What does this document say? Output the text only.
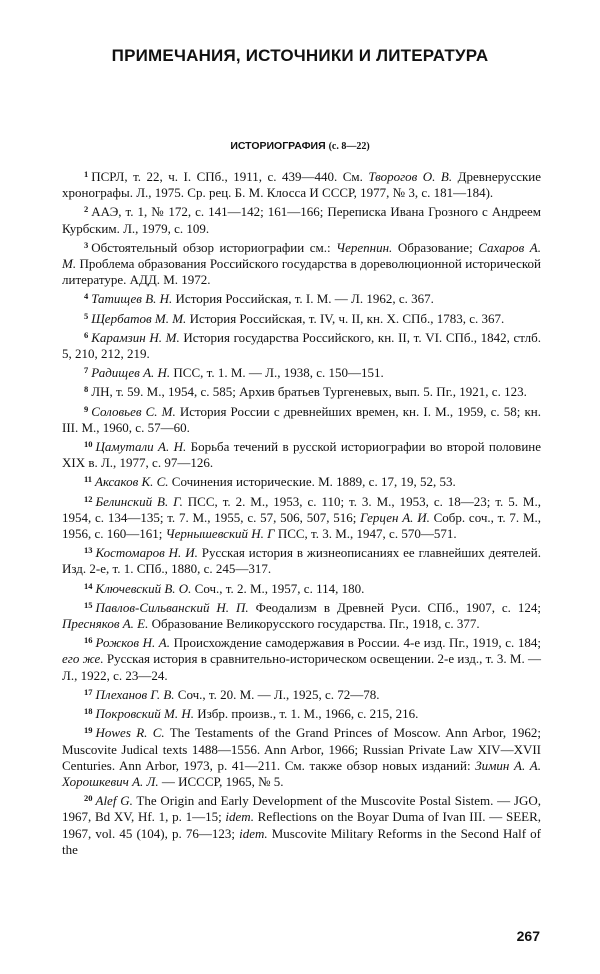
ПРИМЕЧАНИЯ, ИСТОЧНИКИ И ЛИТЕРАТУРА
ИСТОРИОГРАФИЯ (с. 8—22)

$^1$ ПСРЛ, т. 22, ч. I. СПб., 1911, с. 439—440. См. Творогов О. В. Древнерусские хронографы. Л., 1975. Ср. рец. Б. М. Клосса И СССР, 1977, № 3, с. 181—184).

$^2$ ААЭ, т. 1, № 172, с. 141—142; 161—166; Переписка Ивана Грозного с Андреем Курбским. Л., 1979, с. 109.

$^3$ Обстоятельный обзор историографии см.: Черепнин. Образование; Сахаров А. М. Проблема образования Российского государства в дореволюционной исторической литературе. АДД. М. 1972.

$^4$ Татищев В. Н. История Российская, т. I. М. — Л. 1962, с. 367.

$^5$ Щербатов М. М. История Российская, т. IV, ч. II, кн. X. СПб., 1783, с. 367.

$^6$ Карамзин Н. М. История государства Российского, кн. II, т. VI. СПб., 1842, стлб. 5, 210, 212, 219.

$^7$ Радищев А. Н. ПСС, т. 1. М. — Л., 1938, с. 150—151.

$^8$ ЛН, т. 59. М., 1954, с. 585; Архив братьев Тургеневых, вып. 5. Пг., 1921, с. 123.

$^9$ Соловьев С. М. История России с древнейших времен, кн. I. М., 1959, с. 58; кн. III. М., 1960, с. 57—60.

$^{10}$ Цамутали А. Н. Борьба течений в русской историографии во второй половине XIX в. Л., 1977, с. 97—126.

$^{11}$ Аксаков К. С. Сочинения исторические. М. 1889, с. 17, 19, 52, 53.

$^{12}$ Белинский В. Г. ПСС, т. 2. М., 1953, с. 110; т. 3. М., 1953, с. 18—23; т. 5. М., 1954, с. 134—135; т. 7. М., 1955, с. 57, 506, 507, 516; Герцен А. И. Собр. соч., т. 7. М., 1956, с. 160—161; Чернышевский Н. Г ПСС, т. 3. М., 1947, с. 570—571.

$^{13}$ Костомаров Н. И. Русская история в жизнеописаниях ее главнейших деятелей. Изд. 2-е, т. 1. СПб., 1880, с. 245—317.

$^{14}$ Ключевский В. О. Соч., т. 2. М., 1957, с. 114, 180.

$^{15}$ Павлов-Сильванский Н. П. Феодализм в Древней Руси. СПб., 1907, с. 124; Пресняков А. Е. Образование Великорусского государства. Пг., 1918, с. 377.

$^{16}$ Рожков Н. А. Происхождение самодержавия в России. 4-е изд. Пг., 1919, с. 184; его же. Русская история в сравнительно-историческом освещении. 2-е изд., т. 3. М. — Л., 1922, с. 23—24.

$^{17}$ Плеханов Г. В. Соч., т. 20. М. — Л., 1925, с. 72—78.

$^{18}$ Покровский М. Н. Избр. произв., т. 1. М., 1966, с. 215, 216.

$^{19}$ Howes R. C. The Testaments of the Grand Princes of Moscow. Ann Arbor, 1962; Muscovite Judical texts 1488—1556. Ann Arbor, 1966; Russian Private Law XIV—XVII Centuries. Ann Arbor, 1973, p. 41—211. См. также обзор новых изданий: Зимин А. А. Хорошкевич А. Л. — ИСССР, 1965, № 5.

$^{20}$ Alef G. The Origin and Early Development of the Muscovite Postal Sistem. — JGO, 1967, Bd XV, Hf. 1, p. 1—15; idem. Reflections on the Boyar Duma of Ivan III. — SEER, 1967, vol. 45 (104), p. 76—123; idem. Muscovite Military Reforms in the Second Half of the

267
